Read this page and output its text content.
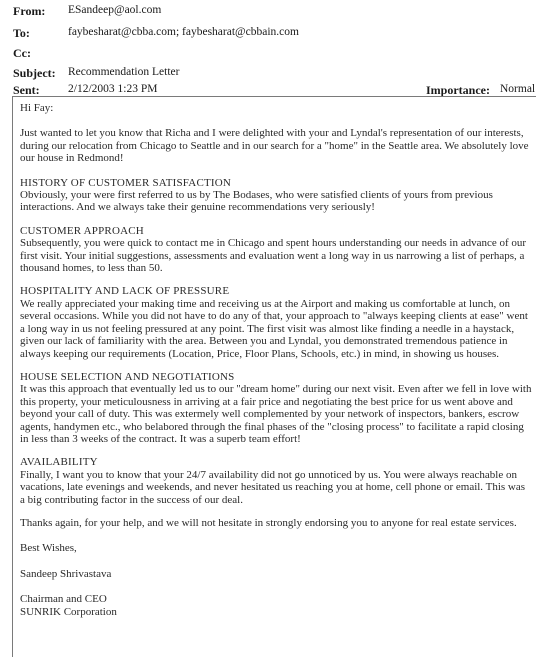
From: ESandeep@aol.com
To:	faybesharat@cbba.com; faybesharat@cbbain.com
Cc:
Subject: Recommendation Letter
Sent: 2/12/2003 1:23 PM	Importance: Normal

Hi Fay:

Just wanted to let you know that Richa and I were delighted with your and Lyndal's representation of our interests, during our relocation from Chicago to Seattle and in our search for a "home" in the Seattle area. We absolutely love our house in Redmond!

HISTORY OF CUSTOMER SATISFACTION

Obviously, your were first referred to us by The Bodases, who were satisfied clients of yours from previous interactions. And we always take their genuine recommendations very seriously!

CUSTOMER APPROACH

Subsequently, you were quick to contact me in Chicago and spent hours understanding our needs in advance of our first visit. Your initial suggestions, assessments and evaluation went a long way in us narrowing a list of perhaps, a thousand homes, to less than 50.

HOSPITALITY AND LACK OF PRESSURE

We really appreciated your making time and receiving us at the Airport and making us comfortable at lunch, on several occasions. While you did not have to do any of that, your approach to "always keeping clients at ease" went a long way in us not feeling pressured at any point. The first visit was almost like finding a needle in a haystack, given our lack of familiarity with the area. Between you and Lyndal, you demonstrated tremendous patience in always keeping our requirements (Location, Price, Floor Plans, Schools, etc.) in mind, in showing us houses.

HOUSE SELECTION AND NEGOTIATIONS

It was this approach that eventually led us to our "dream home" during our next visit. Even after we fell in love with this property, your meticulousness in arriving at a fair price and negotiating the best price for us went above and beyond your call of duty. This was extermely well complemented by your network of inspectors, bankers, escrow agents, handymen etc., who belabored through the final phases of the "closing process" to facilitate a rapid closing in less than 3 weeks of the contract. It was a superb team effort!

AVAILABILITY

Finally, I want you to know that your 24/7 availability did not go unnoticed by us. You were always reachable on vacations, late evenings and weekends, and never hesitated us reaching you at home, cell phone or email. This was a big contributing factor in the success of our deal.

Thanks again, for your help, and we will not hesitate in strongly endorsing you to anyone for real estate services.

Best Wishes,

Sandeep Shrivastava

Chairman and CEO

SUNRIK Corporation
